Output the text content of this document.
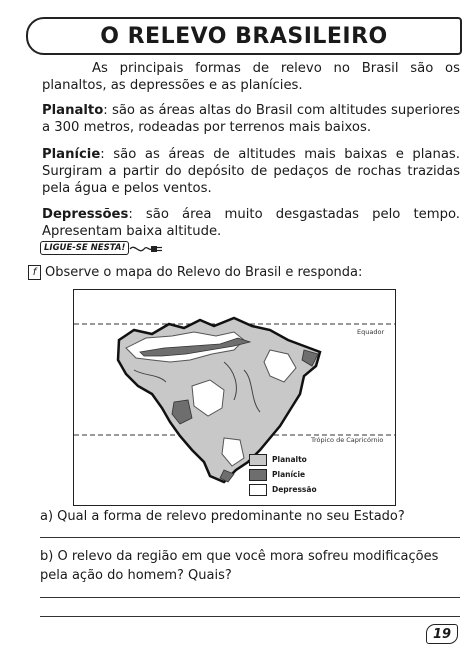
O RELEVO BRASILEIRO

As principais formas de relevo no Brasil são os planaltos, as depressões e as planícies.

Planalto: são as áreas altas do Brasil com altitudes superiores a 300 metros, rodeadas por terrenos mais baixos.

Planície: são as áreas de altitudes mais baixas e planas. Surgiram a partir do depósito de pedaços de rochas trazidas pela água e pelos ventos.

Depressões: são área muito desgastadas pelo tempo. Apresentam baixa altitude.

LIGUE-SE NESTA!
f Observe o mapa do Relevo do Brasil e responda:
Equador
Trópico de Capricórnio
Planalto
Planície
Depressão

a) Qual a forma de relevo predominante no seu Estado?

b) O relevo da região em que você mora sofreu modificações pela ação do homem? Quais?

19
